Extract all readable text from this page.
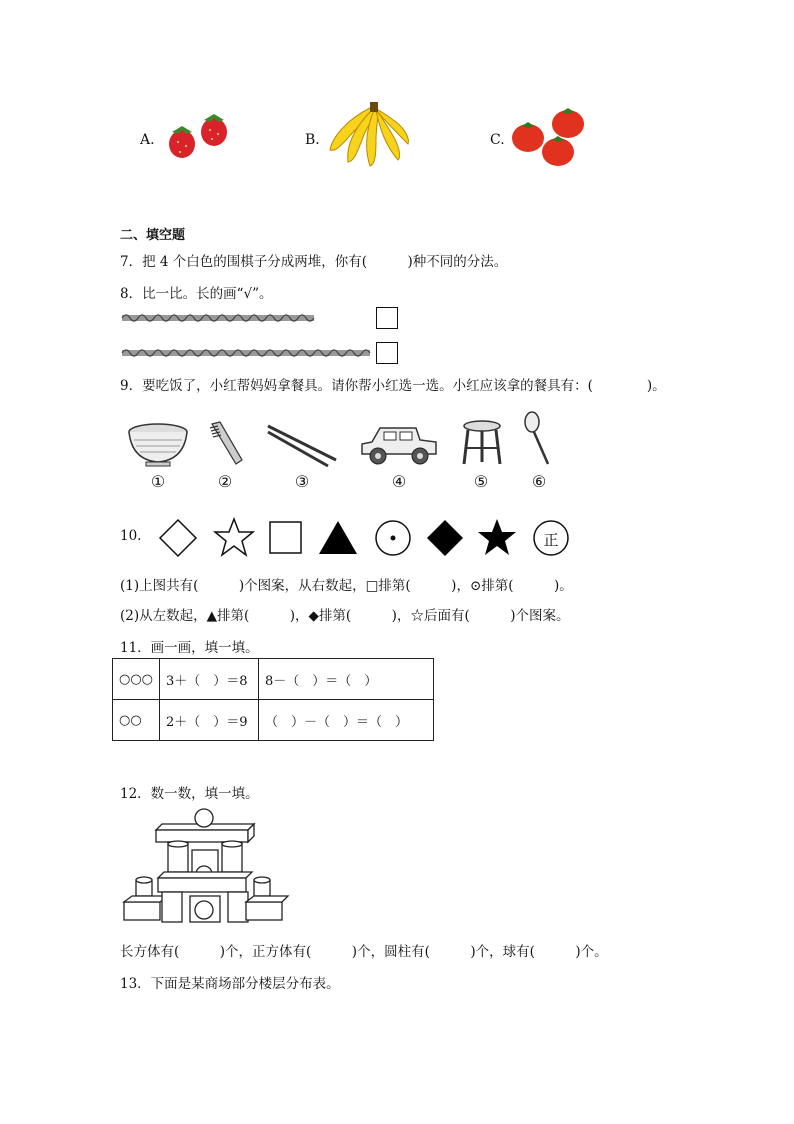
A.	B.	C.
二、填空题
7．把 4 个白色的围棋子分成两堆，你有(　　　)种不同的分法。
8．比一比。长的画“√”。
9．要吃饭了，小红帮妈妈拿餐具。请你帮小红选一选。小红应该拿的餐具有：(　　　　)。
①	②	③	④	⑤	⑥
10.	正
(1)上图共有(　　　)个图案，从右数起，□排第(　　　)，⊙排第(　　　)。
(2)从左数起，▲排第(　　　)，◆排第(　　　)，☆后面有(　　　)个图案。
11．画一画，填一填。
○○○	3＋（　）＝8	8－（　）＝（　）
○○	2＋（　）＝9	（　）－（　）＝（　）
12．数一数，填一填。
长方体有(　　　)个，正方体有(　　　)个，圆柱有(　　　)个，球有(　　　)个。
13．下面是某商场部分楼层分布表。
